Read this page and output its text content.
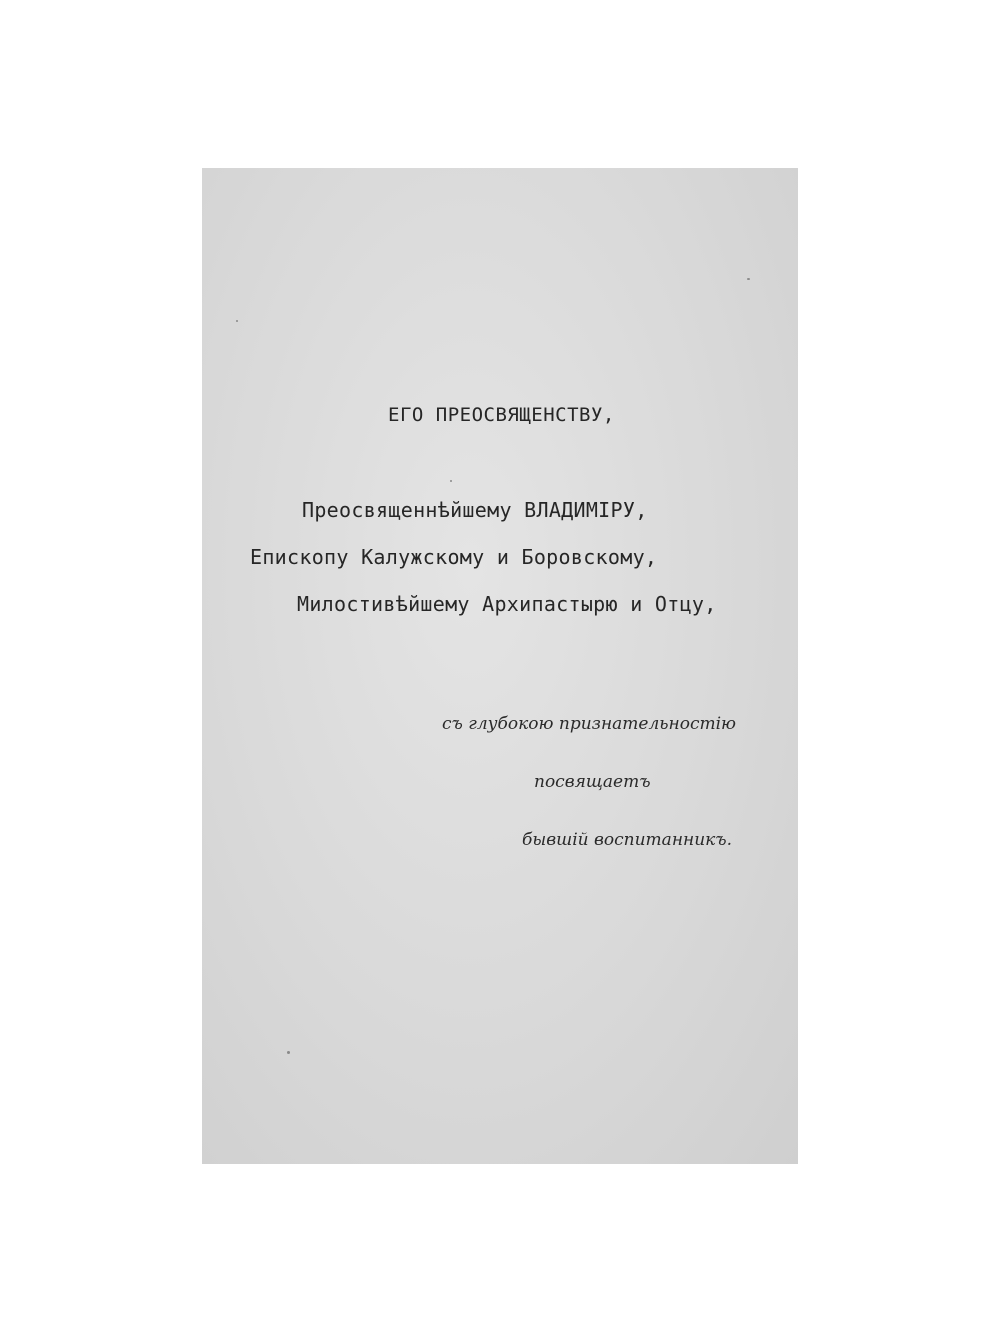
ЕГО ПРЕОСВЯЩЕНСТВУ,
Преосвященнѣйшему ВЛАДИМІРУ,
Епископу Калужскому и Боровскому,
Милостивѣйшему Архипастырю и Отцу,
съ глубокою признательностію
посвящаетъ
бывшій воспитанникъ.
